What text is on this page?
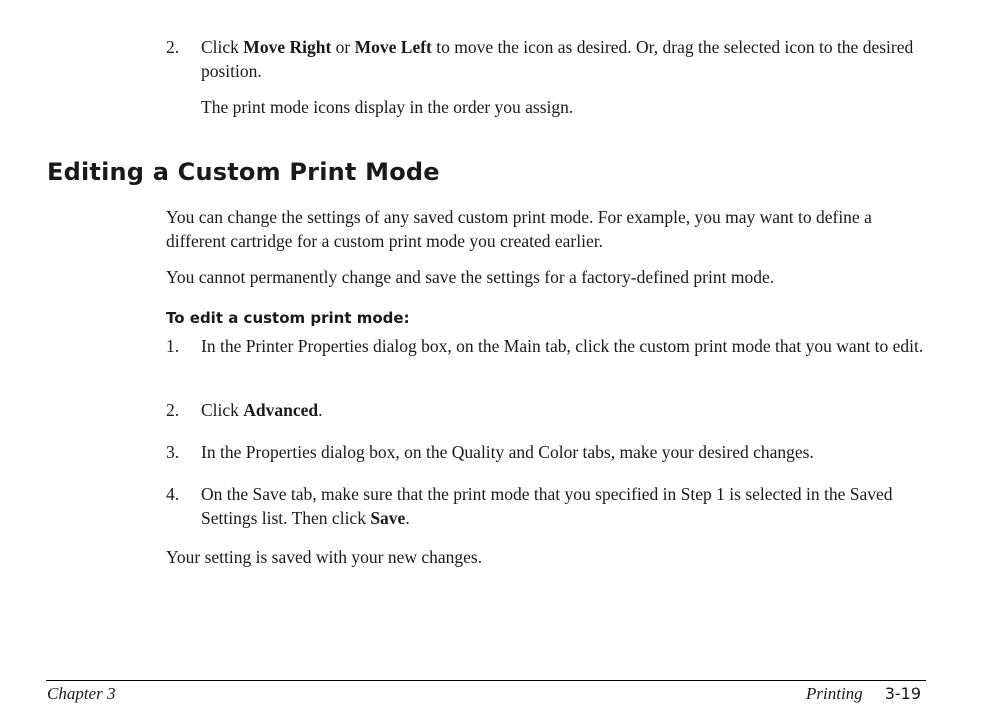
2.	Click Move Right or Move Left to move the icon as desired. Or, drag the selected icon to the desired position.
The print mode icons display in the order you assign.
Editing a Custom Print Mode
You can change the settings of any saved custom print mode. For example, you may want to define a different cartridge for a custom print mode you created earlier.
You cannot permanently change and save the settings for a factory-defined print mode.
To edit a custom print mode:
1.	In the Printer Properties dialog box, on the Main tab, click the custom print mode that you want to edit.
2.	Click Advanced.
3.	In the Properties dialog box, on the Quality and Color tabs, make your desired changes.
4.	On the Save tab, make sure that the print mode that you specified in Step 1 is selected in the Saved Settings list. Then click Save.
Your setting is saved with your new changes.
Chapter 3	Printing 3-19
